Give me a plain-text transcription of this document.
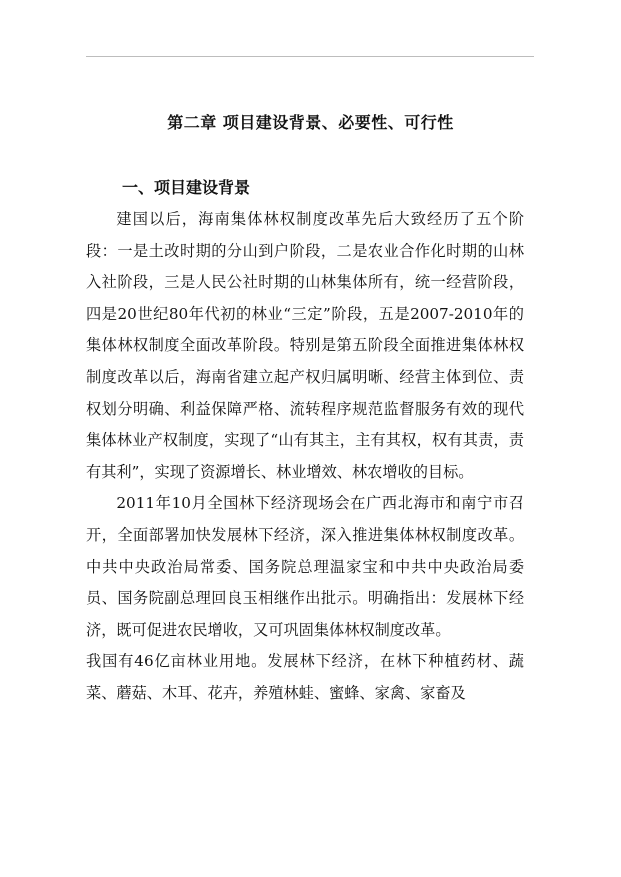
第二章 项目建设背景、必要性、可行性
一、项目建设背景

建国以后，海南集体林权制度改革先后大致经历了五个阶段：一是土改时期的分山到户阶段，二是农业合作化时期的山林入社阶段，三是人民公社时期的山林集体所有，统一经营阶段，四是20世纪80年代初的林业“三定”阶段，五是2007-2010年的集体林权制度全面改革阶段。特别是第五阶段全面推进集体林权制度改革以后，海南省建立起产权归属明晰、经营主体到位、责权划分明确、利益保障严格、流转程序规范监督服务有效的现代集体林业产权制度，实现了“山有其主，主有其权，权有其责，责有其利”，实现了资源增长、林业增效、林农增收的目标。

2011年10月全国林下经济现场会在广西北海市和南宁市召开，全面部署加快发展林下经济，深入推进集体林权制度改革。中共中央政治局常委、国务院总理温家宝和中共中央政治局委员、国务院副总理回良玉相继作出批示。明确指出：发展林下经济，既可促进农民增收，又可巩固集体林权制度改革。

我国有46亿亩林业用地。发展林下经济，在林下种植药材、蔬菜、蘑菇、木耳、花卉，养殖林蛙、蜜蜂、家禽、家畜及
